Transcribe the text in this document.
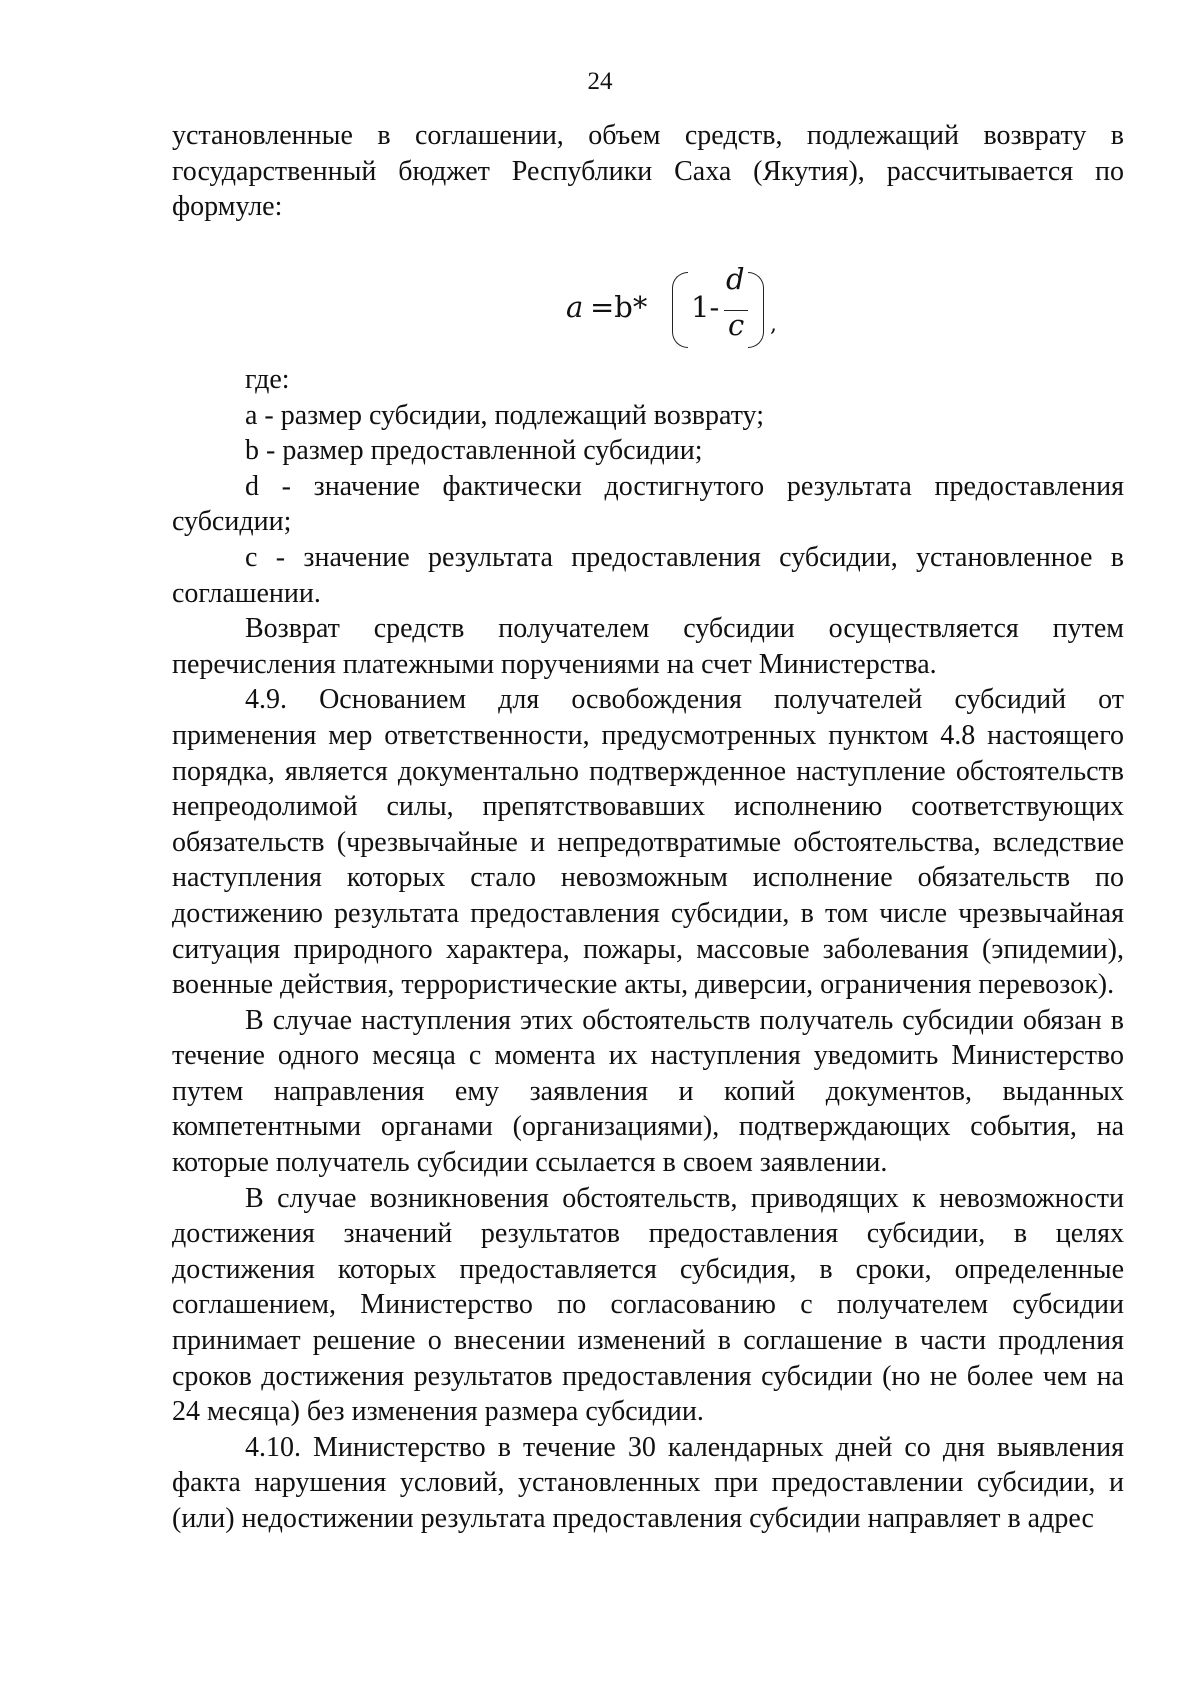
24

установленные в соглашении, объем средств, подлежащий возврату в государственный бюджет Республики Саха (Якутия), рассчитывается по формуле:

a =b* 1-
d
c ,

где:

a - размер субсидии, подлежащий возврату;

b - размер предоставленной субсидии;

d - значение фактически достигнутого результата предоставления субсидии;

c - значение результата предоставления субсидии, установленное в соглашении.

Возврат средств получателем субсидии осуществляется путем перечисления платежными поручениями на счет Министерства.

4.9. Основанием для освобождения получателей субсидий от применения мер ответственности, предусмотренных пунктом 4.8 настоящего порядка, является документально подтвержденное наступление обстоятельств непреодолимой силы, препятствовавших исполнению соответствующих обязательств (чрезвычайные и непредотвратимые обстоятельства, вследствие наступления которых стало невозможным исполнение обязательств по достижению результата предоставления субсидии, в том числе чрезвычайная ситуация природного характера, пожары, массовые заболевания (эпидемии), военные действия, террористические акты, диверсии, ограничения перевозок).

В случае наступления этих обстоятельств получатель субсидии обязан в течение одного месяца с момента их наступления уведомить Министерство путем направления ему заявления и копий документов, выданных компетентными органами (организациями), подтверждающих события, на которые получатель субсидии ссылается в своем заявлении.

В случае возникновения обстоятельств, приводящих к невозможности достижения значений результатов предоставления субсидии, в целях достижения которых предоставляется субсидия, в сроки, определенные соглашением, Министерство по согласованию с получателем субсидии принимает решение о внесении изменений в соглашение в части продления сроков достижения результатов предоставления субсидии (но не более чем на 24 месяца) без изменения размера субсидии.

4.10. Министерство в течение 30 календарных дней со дня выявления факта нарушения условий, установленных при предоставлении субсидии, и (или) недостижении результата предоставления субсидии направляет в адрес
